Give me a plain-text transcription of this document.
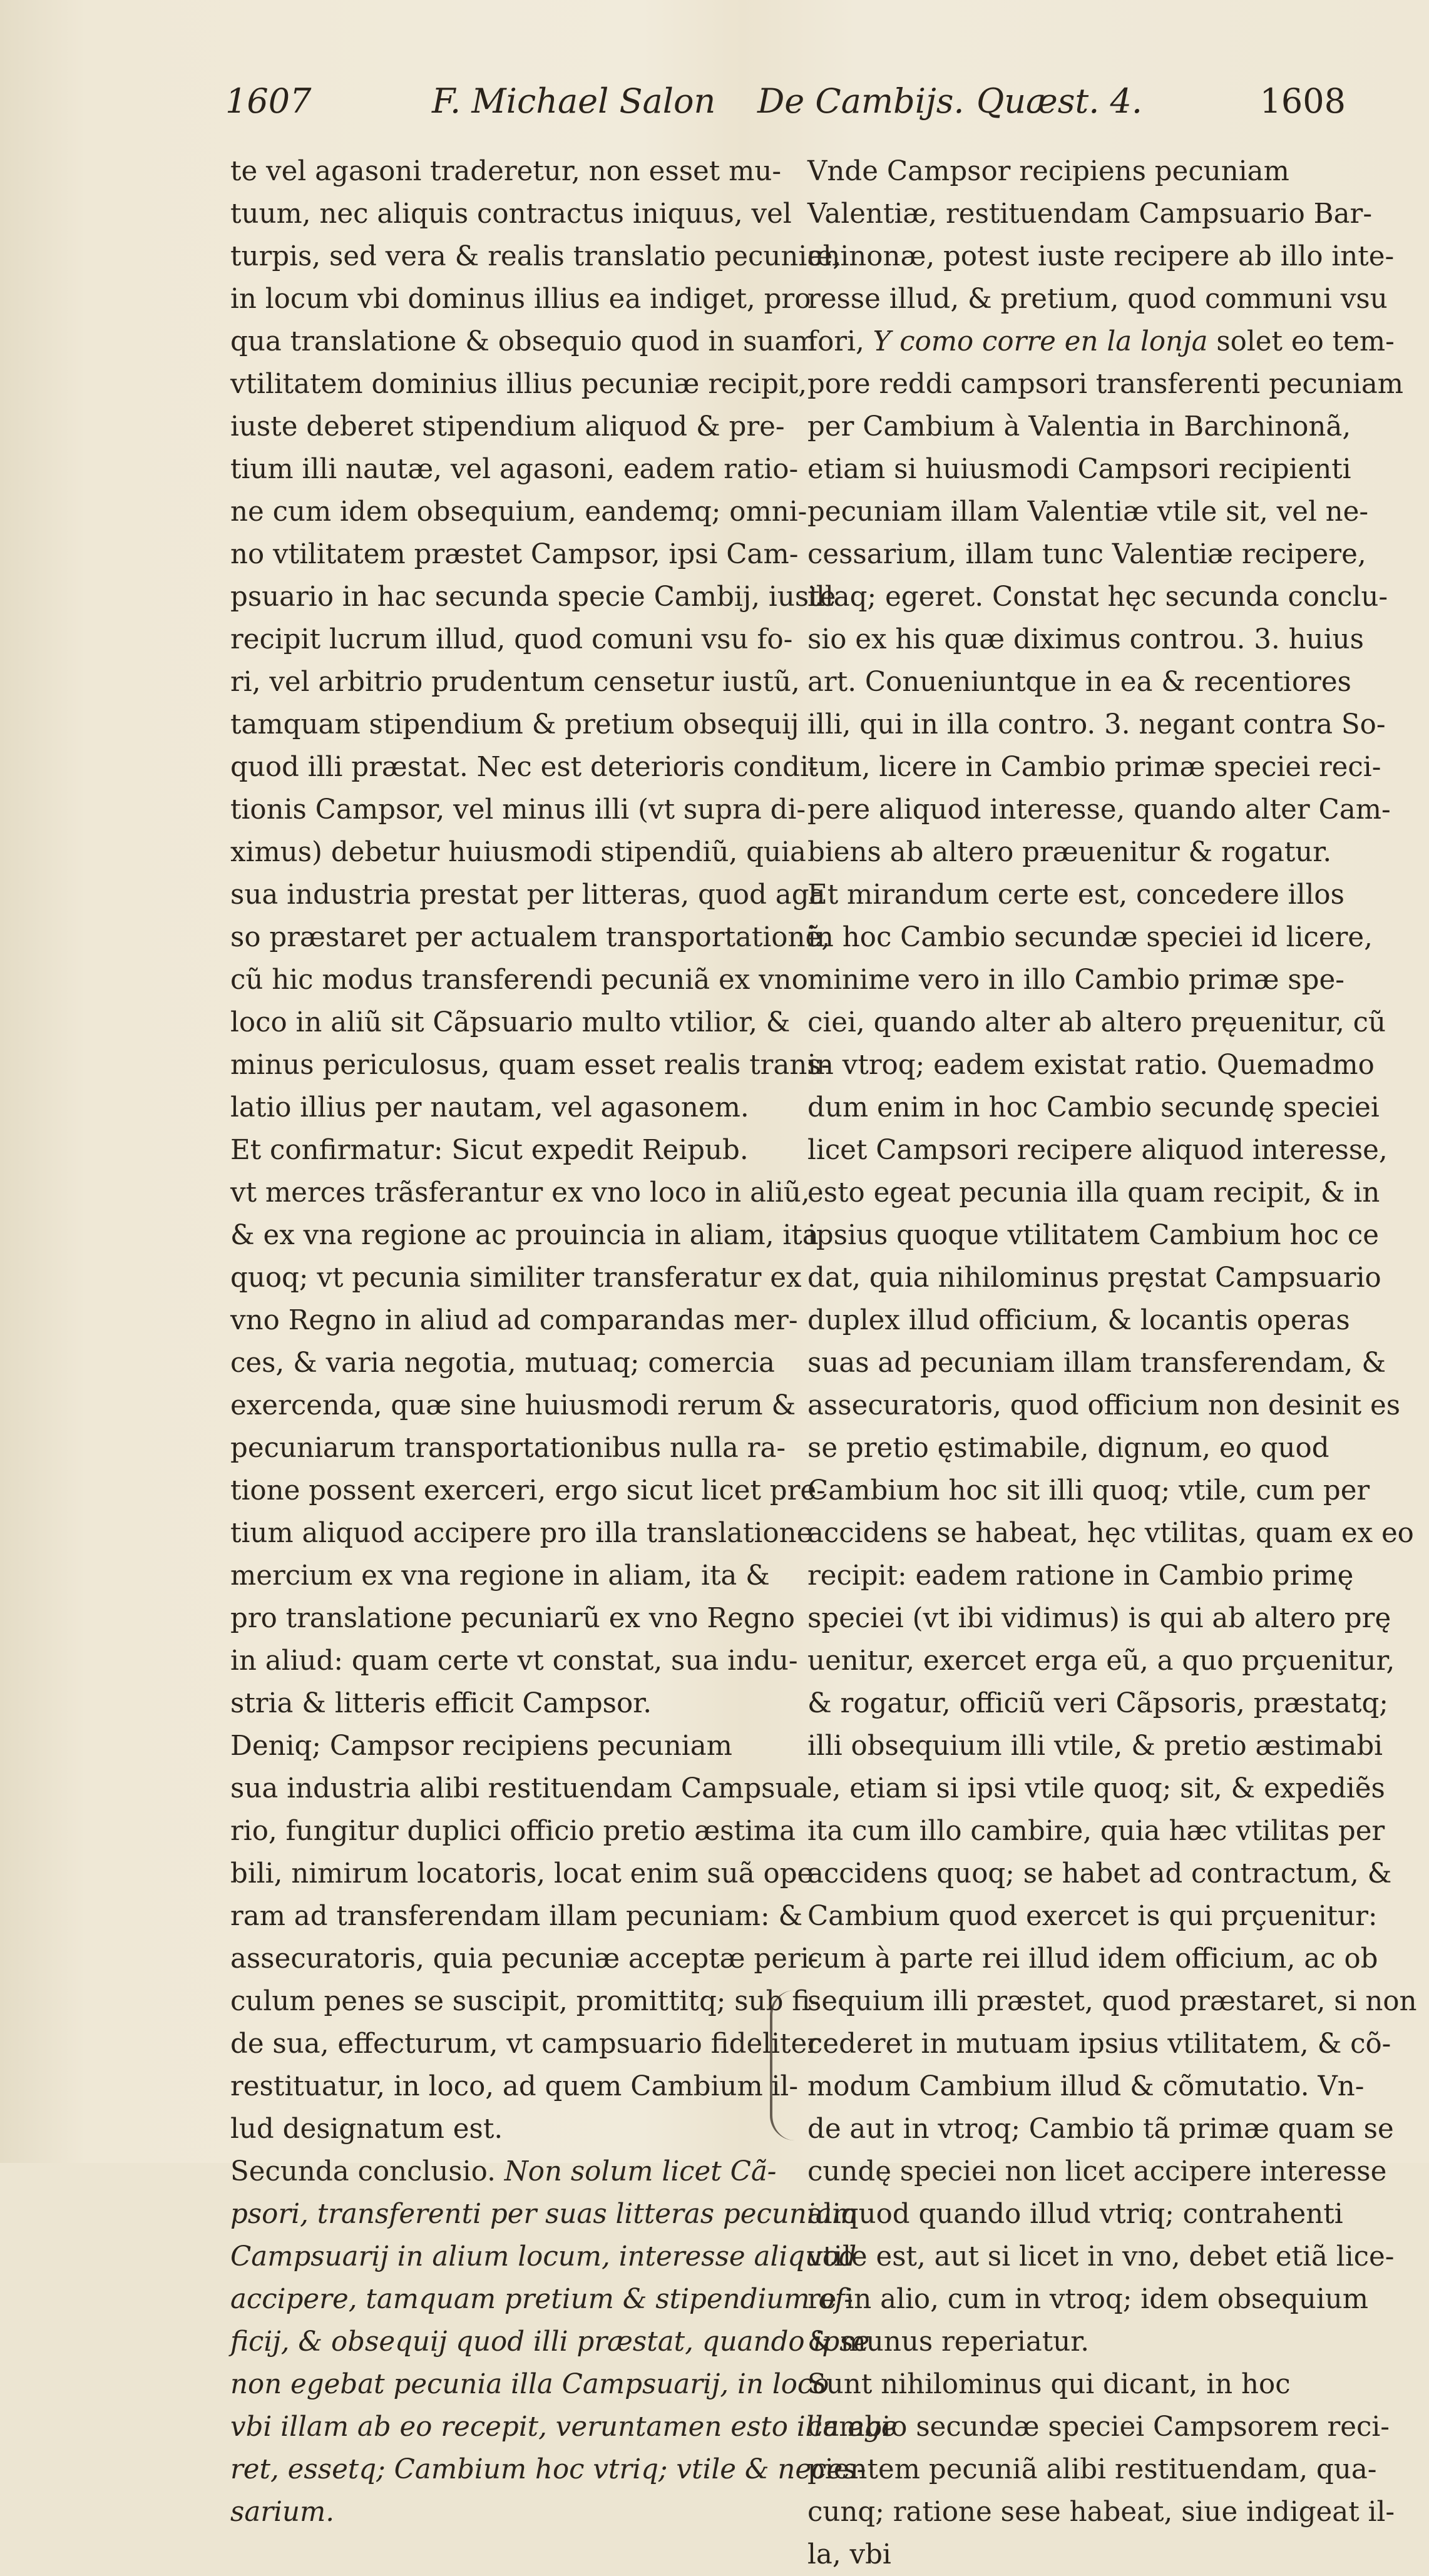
1607	F. Michael Salon De Cambijs. Quæst. 4.	1608
te vel agasoni traderetur, non esset mu-
tuum, nec aliquis contractus iniquus, vel
turpis, sed vera & realis translatio pecuniæ,
in locum vbi dominus illius ea indiget, pro
qua translatione & obsequio quod in suam
vtilitatem dominius illius pecuniæ recipit,
iuste deberet stipendium aliquod & pre-
tium illi nautæ, vel agasoni, eadem ratio-
ne cum idem obsequium, eandemq; omni-
no vtilitatem præstet Campsor, ipsi Cam-
psuario in hac secunda specie Cambij, iuste
recipit lucrum illud, quod comuni vsu fo-
ri, vel arbitrio prudentum censetur iustũ,
tamquam stipendium & pretium obsequij
quod illi præstat. Nec est deterioris condi-
tionis Campsor, vel minus illi (vt supra di-
ximus) debetur huiusmodi stipendiũ, quia
sua industria prestat per litteras, quod aga
so præstaret per actualem transportationẽ,
cũ hic modus transferendi pecuniã ex vno
loco in aliũ sit Cãpsuario multo vtilior, &
minus periculosus, quam esset realis trans-
latio illius per nautam, vel agasonem.
Et confirmatur: Sicut expedit Reipub.
vt merces trãsferantur ex vno loco in aliũ,
& ex vna regione ac prouincia in aliam, ita
quoq; vt pecunia similiter transferatur ex
vno Regno in aliud ad comparandas mer-
ces, & varia negotia, mutuaq; comercia
exercenda, quæ sine huiusmodi rerum &
pecuniarum transportationibus nulla ra-
tione possent exerceri, ergo sicut licet pre-
tium aliquod accipere pro illa translatione
mercium ex vna regione in aliam, ita &
pro translatione pecuniarũ ex vno Regno
in aliud: quam certe vt constat, sua indu-
stria & litteris efficit Campsor.
Deniq; Campsor recipiens pecuniam
sua industria alibi restituendam Campsua
rio, fungitur duplici officio pretio æstima
bili, nimirum locatoris, locat enim suã ope
ram ad transferendam illam pecuniam: &
assecuratoris, quia pecuniæ acceptæ peri-
culum penes se suscipit, promittitq; sub fi-
de sua, effecturum, vt campsuario fideliter
restituatur, in loco, ad quem Cambium il-
lud designatum est.
Secunda conclusio. Non solum licet Cã-
psori, transferenti per suas litteras pecuniam
Campsuarij in alium locum, interesse aliquod
accipere, tamquam pretium & stipendium of-
ficij, & obsequij quod illi præstat, quando ipse
non egebat pecunia illa Campsuarij, in loco
vbi illam ab eo recepit, veruntamen esto illa ege
ret, essetq; Cambium hoc vtriq; vtile & neces-
sarium.
Vnde Campsor recipiens pecuniam
Valentiæ, restituendam Campsuario Bar-
chinonæ, potest iuste recipere ab illo inte-
resse illud, & pretium, quod communi vsu
fori, Y como corre en la lonja solet eo tem-
pore reddi campsori transferenti pecuniam
per Cambium à Valentia in Barchinonã,
etiam si huiusmodi Campsori recipienti
pecuniam illam Valentiæ vtile sit, vel ne-
cessarium, illam tunc Valentiæ recipere,
illaq; egeret. Constat hęc secunda conclu-
sio ex his quæ diximus controu. 3. huius
art. Conueniuntque in ea & recentiores
illi, qui in illa contro. 3. negant contra So-
tum, licere in Cambio primæ speciei reci-
pere aliquod interesse, quando alter Cam-
biens ab altero præuenitur & rogatur.
Et mirandum certe est, concedere illos
in hoc Cambio secundæ speciei id licere,
minime vero in illo Cambio primæ spe-
ciei, quando alter ab altero pręuenitur, cũ
in vtroq; eadem existat ratio. Quemadmo
dum enim in hoc Cambio secundę speciei
licet Campsori recipere aliquod interesse,
esto egeat pecunia illa quam recipit, & in
ipsius quoque vtilitatem Cambium hoc ce
dat, quia nihilominus pręstat Campsuario
duplex illud officium, & locantis operas
suas ad pecuniam illam transferendam, &
assecuratoris, quod officium non desinit es
se pretio ęstimabile, dignum, eo quod
Cambium hoc sit illi quoq; vtile, cum per
accidens se habeat, hęc vtilitas, quam ex eo
recipit: eadem ratione in Cambio primę
speciei (vt ibi vidimus) is qui ab altero prę
uenitur, exercet erga eũ, a quo prçuenitur,
& rogatur, officiũ veri Cãpsoris, præstatq;
illi obsequium illi vtile, & pretio æstimabi
le, etiam si ipsi vtile quoq; sit, & expediẽs
ita cum illo cambire, quia hæc vtilitas per
accidens quoq; se habet ad contractum, &
Cambium quod exercet is qui prçuenitur:
cum à parte rei illud idem officium, ac ob
sequium illi præstet, quod præstaret, si non
cederet in mutuam ipsius vtilitatem, & cõ-
modum Cambium illud & cõmutatio. Vn-
de aut in vtroq; Cambio tã primæ quam se
cundę speciei non licet accipere interesse
aliquod quando illud vtriq; contrahenti
vtile est, aut si licet in vno, debet etiã lice-
re in alio, cum in vtroq; idem obsequium
& munus reperiatur.
Sunt nihilominus qui dicant, in hoc
cambio secundæ speciei Campsorem reci-
pientem pecuniã alibi restituendam, qua-
cunq; ratione sese habeat, siue indigeat il-
la, vbi
